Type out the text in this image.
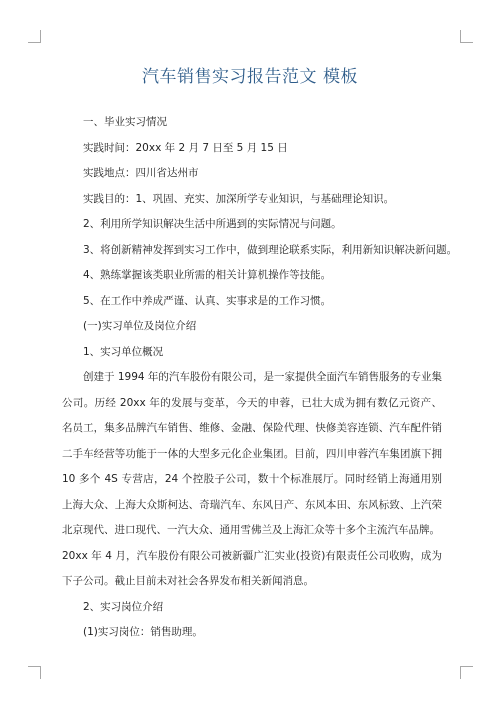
汽车销售实习报告范文 模板

一、毕业实习情况

实践时间：20xx 年 2 月 7 日至 5 月 15 日

实践地点：四川省达州市

实践目的：1、巩固、充实、加深所学专业知识，与基础理论知识。

2、利用所学知识解决生活中所遇到的实际情况与问题。

3、将创新精神发挥到实习工作中，做到理论联系实际，利用新知识解决新问题。

4、熟练掌握该类职业所需的相关计算机操作等技能。

5、在工作中养成严谨、认真、实事求是的工作习惯。

(一)实习单位及岗位介绍

1、实习单位概况

创建于 1994 年的汽车股份有限公司，是一家提供全面汽车销售服务的专业集

公司。历经 20xx 年的发展与变革，今天的申蓉，已壮大成为拥有数亿元资产、

名员工，集多品牌汽车销售、维修、金融、保险代理、快修美容连锁、汽车配件销

二手车经营等功能于一体的大型多元化企业集团。目前，四川申蓉汽车集团旗下拥

10 多个 4S 专营店，24 个控股子公司，数十个标准展厅。同时经销上海通用别

上海大众、上海大众斯柯达、奇瑞汽车、东风日产、东风本田、东风标致、上汽荣

北京现代、进口现代、一汽大众、通用雪佛兰及上海汇众等十多个主流汽车品牌。

20xx 年 4 月，汽车股份有限公司被新疆广汇实业(投资)有限责任公司收购，成为

下子公司。截止目前未对社会各界发布相关新闻消息。

2、实习岗位介绍

(1)实习岗位：销售助理。
